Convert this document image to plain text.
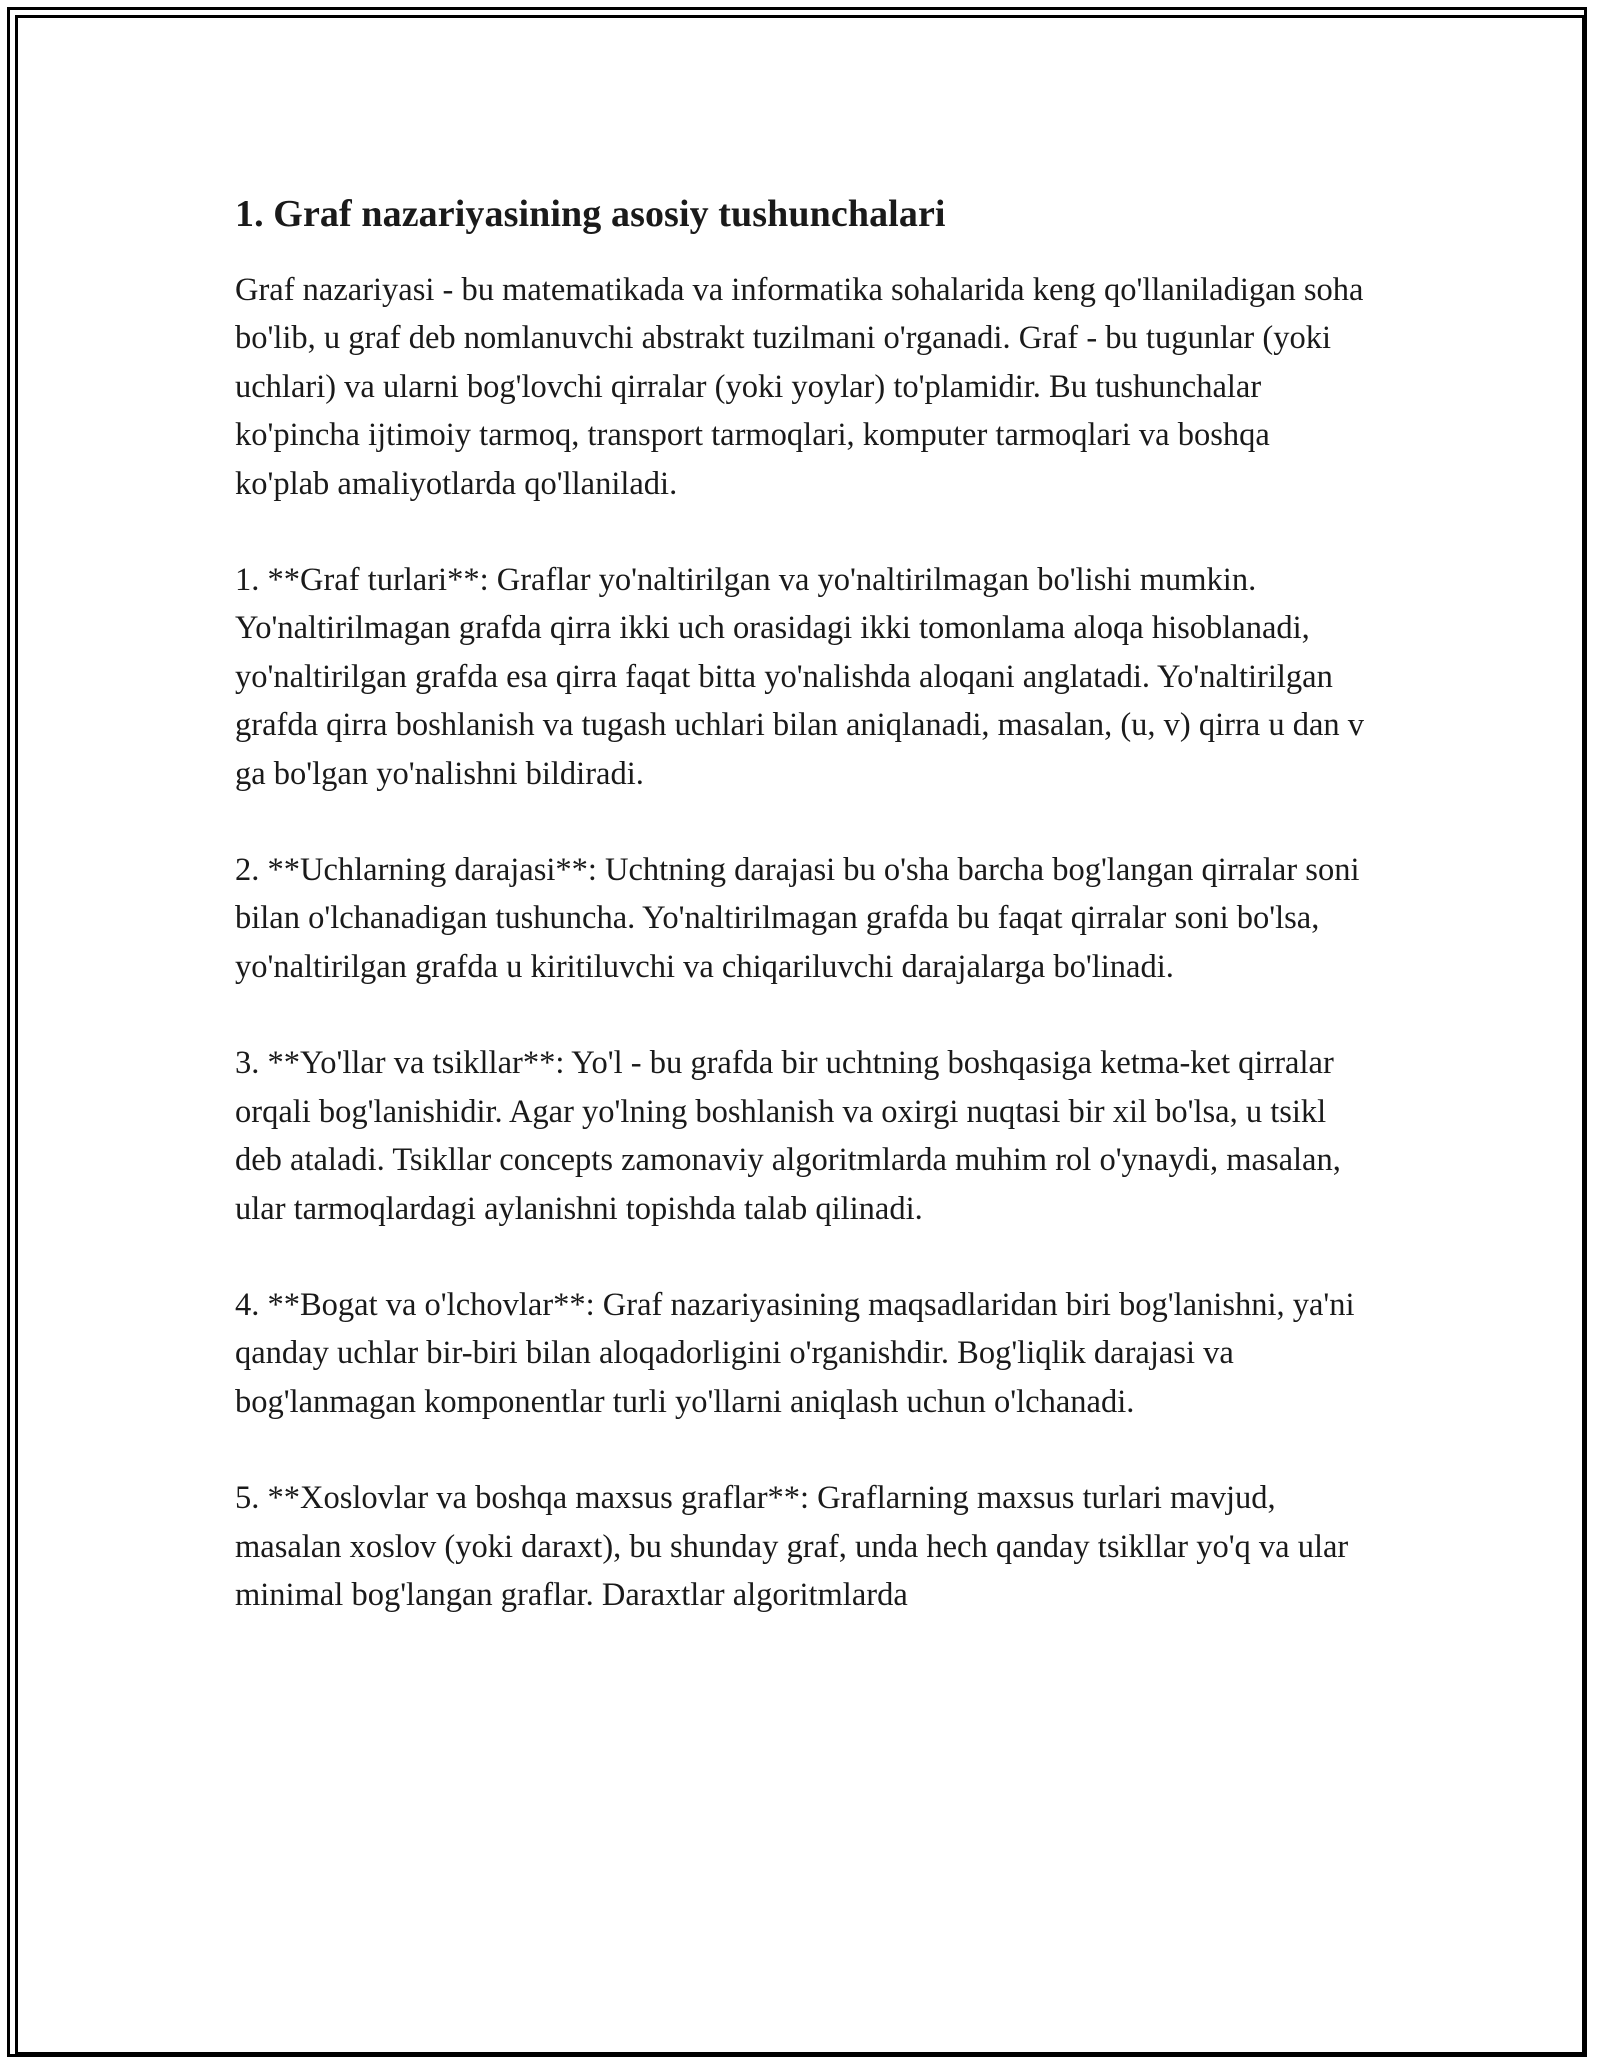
1. Graf nazariyasining asosiy tushunchalari

Graf nazariyasi - bu matematikada va informatika sohalarida keng qo'llaniladigan soha bo'lib, u graf deb nomlanuvchi abstrakt tuzilmani o'rganadi. Graf - bu tugunlar (yoki uchlari) va ularni bog'lovchi qirralar (yoki yoylar) to'plamidir. Bu tushunchalar ko'pincha ijtimoiy tarmoq, transport tarmoqlari, komputer tarmoqlari va boshqa ko'plab amaliyotlarda qo'llaniladi.

1. **Graf turlari**: Graflar yo'naltirilgan va yo'naltirilmagan bo'lishi mumkin. Yo'naltirilmagan grafda qirra ikki uch orasidagi ikki tomonlama aloqa hisoblanadi, yo'naltirilgan grafda esa qirra faqat bitta yo'nalishda aloqani anglatadi. Yo'naltirilgan grafda qirra boshlanish va tugash uchlari bilan aniqlanadi, masalan, (u, v) qirra u dan v ga bo'lgan yo'nalishni bildiradi.

2. **Uchlarning darajasi**: Uchtning darajasi bu o'sha barcha bog'langan qirralar soni bilan o'lchanadigan tushuncha. Yo'naltirilmagan grafda bu faqat qirralar soni bo'lsa, yo'naltirilgan grafda u kiritiluvchi va chiqariluvchi darajalarga bo'linadi.

3. **Yo'llar va tsikllar**: Yo'l - bu grafda bir uchtning boshqasiga ketma-ket qirralar orqali bog'lanishidir. Agar yo'lning boshlanish va oxirgi nuqtasi bir xil bo'lsa, u tsikl deb ataladi. Tsikllar concepts zamonaviy algoritmlarda muhim rol o'ynaydi, masalan, ular tarmoqlardagi aylanishni topishda talab qilinadi.

4. **Bogat va o'lchovlar**: Graf nazariyasining maqsadlaridan biri bog'lanishni, ya'ni qanday uchlar bir-biri bilan aloqadorligini o'rganishdir. Bog'liqlik darajasi va bog'lanmagan komponentlar turli yo'llarni aniqlash uchun o'lchanadi.

5. **Xoslovlar va boshqa maxsus graflar**: Graflarning maxsus turlari mavjud, masalan xoslov (yoki daraxt), bu shunday graf, unda hech qanday tsikllar yo'q va ular minimal bog'langan graflar. Daraxtlar algoritmlarda
